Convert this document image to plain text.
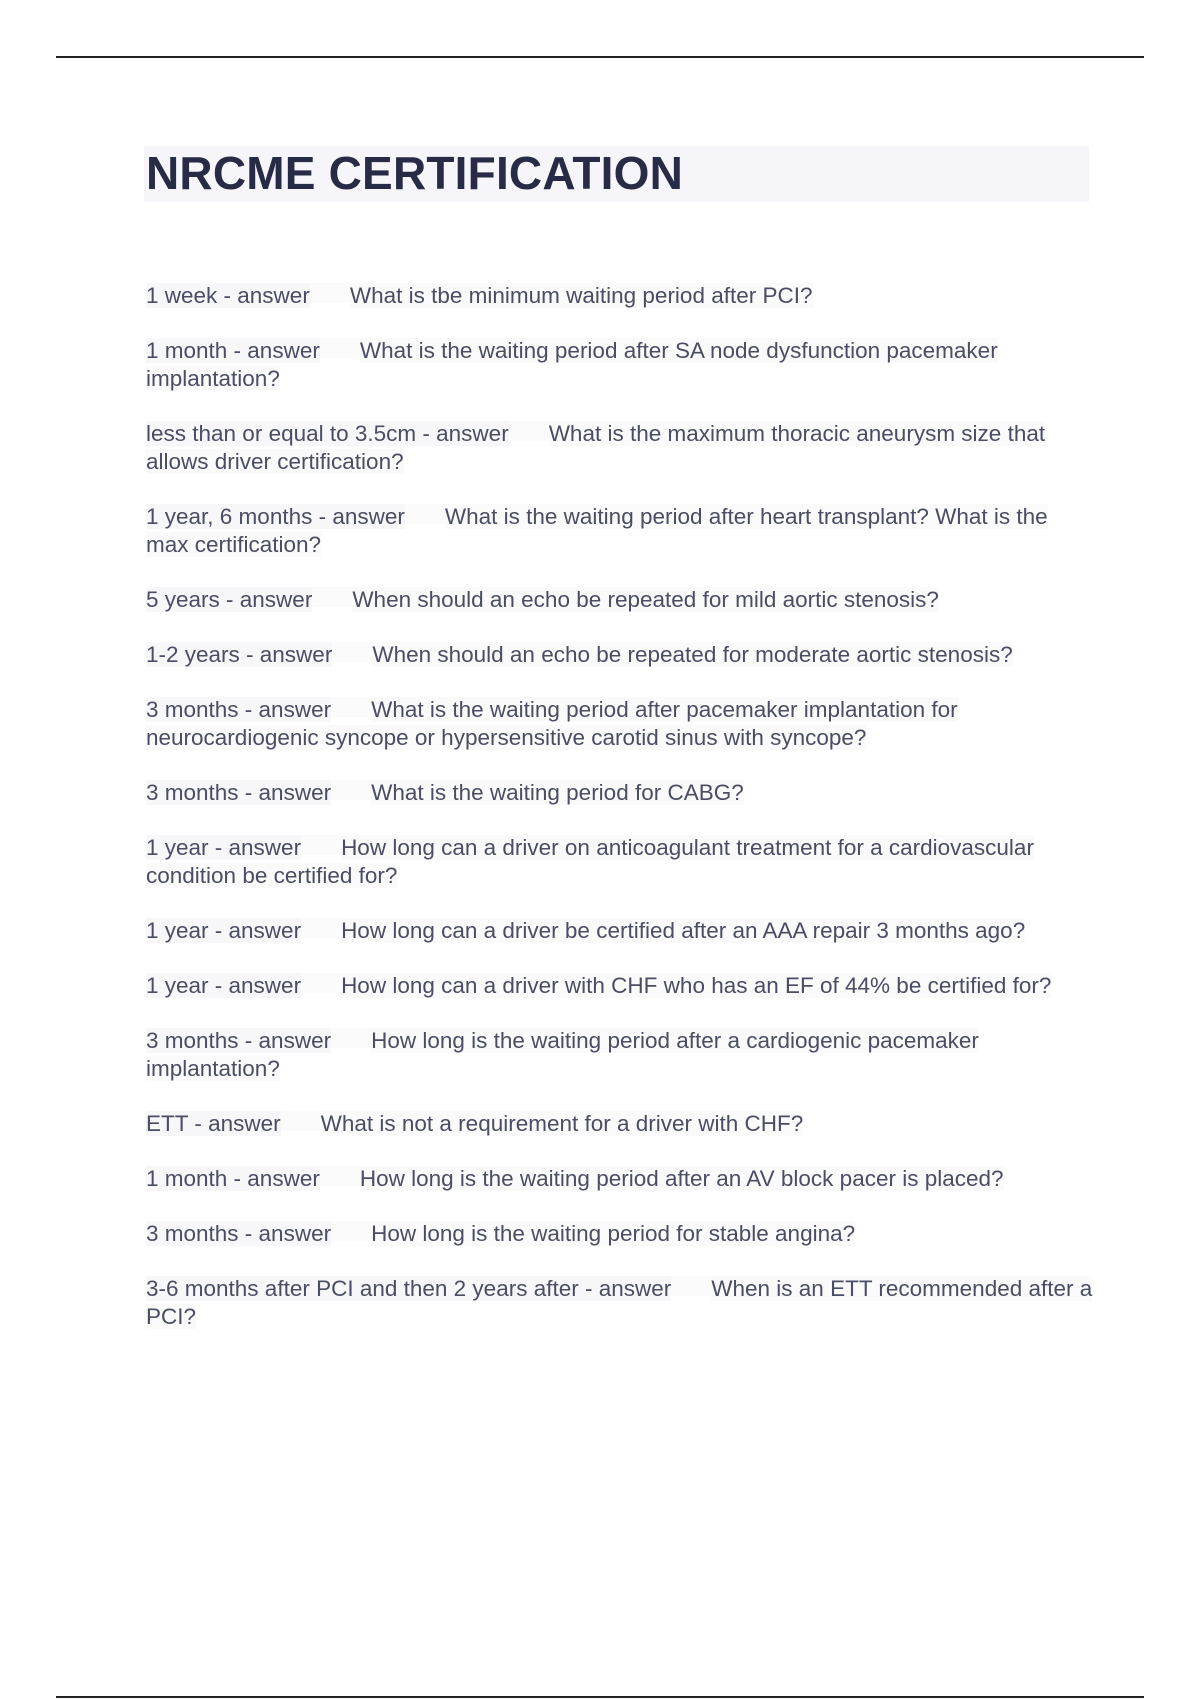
NRCME CERTIFICATION
1 week - answer What is tbe minimum waiting period after PCI?
1 month - answer What is the waiting period after SA node dysfunction pacemaker implantation?
less than or equal to 3.5cm - answer What is the maximum thoracic aneurysm size that allows driver certification?
1 year, 6 months - answer What is the waiting period after heart transplant? What is the max certification?
5 years - answer When should an echo be repeated for mild aortic stenosis?
1-2 years - answer When should an echo be repeated for moderate aortic stenosis?
3 months - answer What is the waiting period after pacemaker implantation for neurocardiogenic syncope or hypersensitive carotid sinus with syncope?
3 months - answer What is the waiting period for CABG?
1 year - answer How long can a driver on anticoagulant treatment for a cardiovascular condition be certified for?
1 year - answer How long can a driver be certified after an AAA repair 3 months ago?
1 year - answer How long can a driver with CHF who has an EF of 44% be certified for?
3 months - answer How long is the waiting period after a cardiogenic pacemaker implantation?
ETT - answer What is not a requirement for a driver with CHF?
1 month - answer How long is the waiting period after an AV block pacer is placed?
3 months - answer How long is the waiting period for stable angina?
3-6 months after PCI and then 2 years after - answer When is an ETT recommended after a PCI?
